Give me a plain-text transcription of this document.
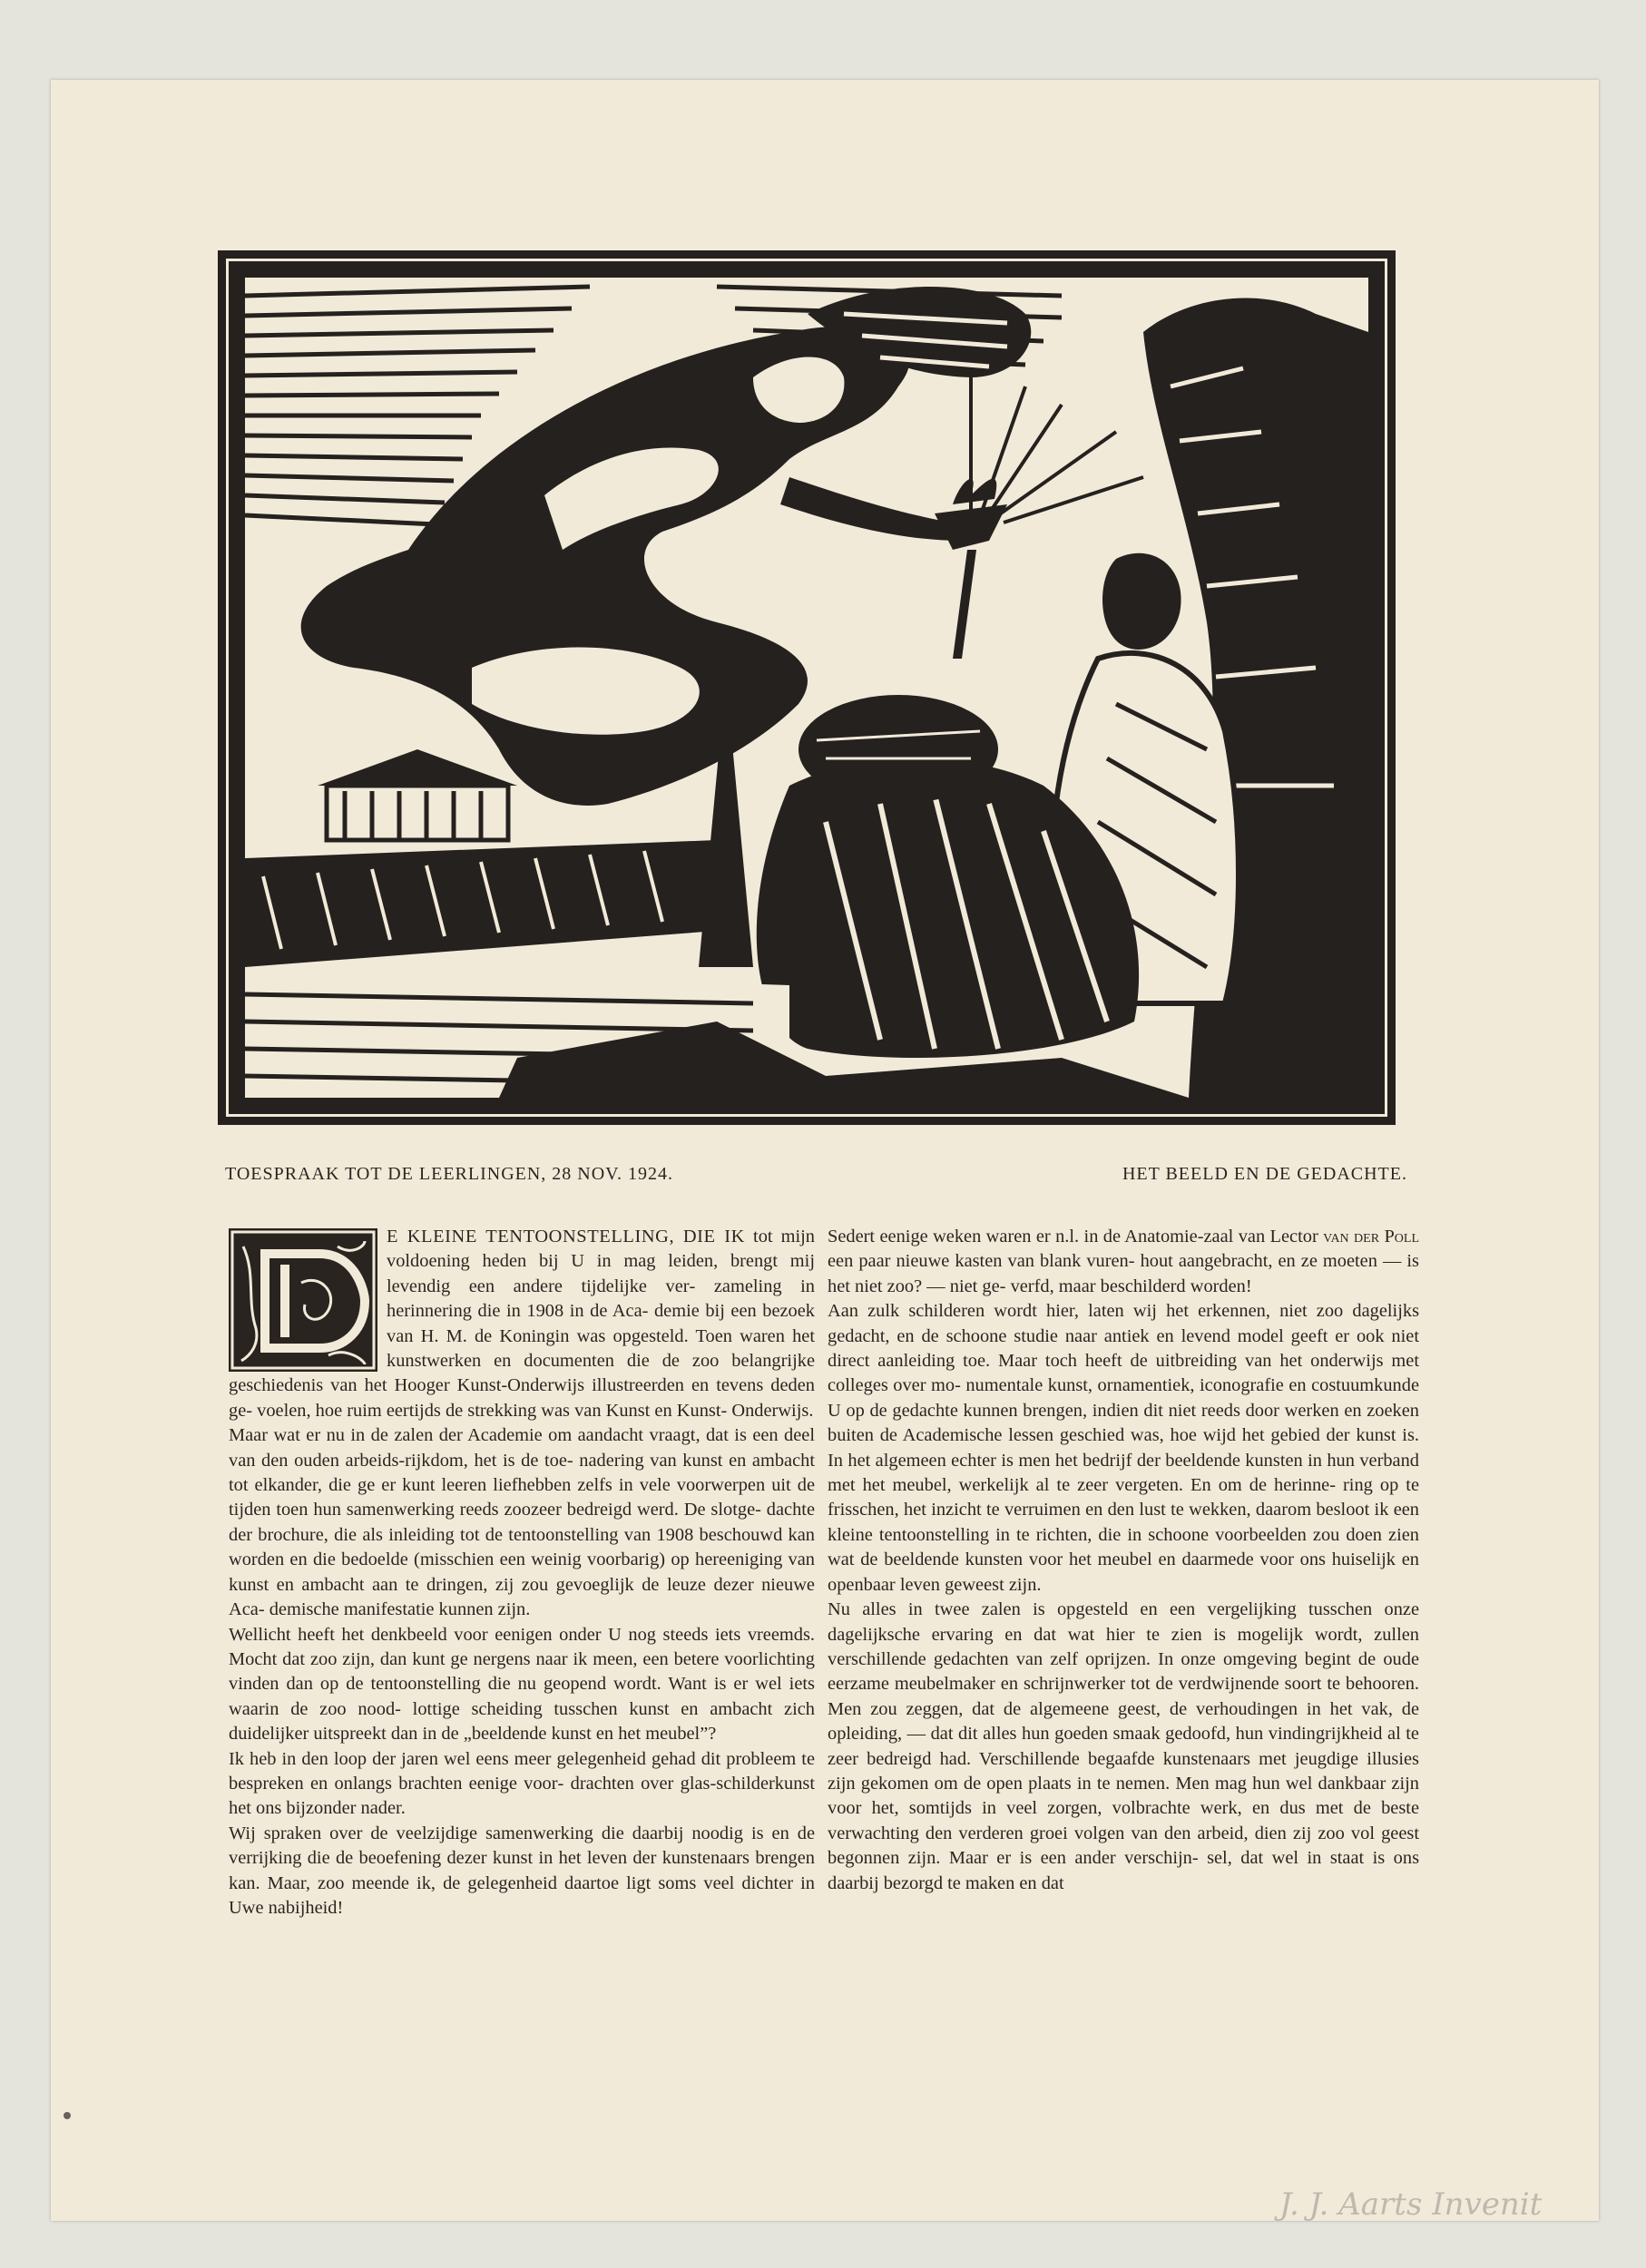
TOESPRAAK TOT DE LEERLINGEN, 28 NOV. 1924.	HET BEELD EN DE GEDACHTE.

E KLEINE TENTOONSTELLING, DIE IK tot mijn voldoening heden bij U in mag leiden, brengt mij levendig een andere tijdelijke ver‐ zameling in herinnering die in 1908 in de Aca‐ demie bij een bezoek van H. M. de Koningin was opgesteld. Toen waren het kunstwerken en documenten die de zoo belangrijke geschiedenis van het Hooger Kunst‐Onderwijs illustreerden en tevens deden ge‐ voelen, hoe ruim eertijds de strekking was van Kunst en Kunst‐ Onderwijs.

Maar wat er nu in de zalen der Academie om aandacht vraagt, dat is een deel van den ouden arbeids‐rijkdom, het is de toe‐ nadering van kunst en ambacht tot elkander, die ge er kunt leeren liefhebben zelfs in vele voorwerpen uit de tijden toen hun samenwerking reeds zoozeer bedreigd werd. De slotge‐ dachte der brochure, die als inleiding tot de tentoonstelling van 1908 beschouwd kan worden en die bedoelde (misschien een weinig voorbarig) op hereeniging van kunst en ambacht aan te dringen, zij zou gevoeglijk de leuze dezer nieuwe Aca‐ demische manifestatie kunnen zijn.

Wellicht heeft het denkbeeld voor eenigen onder U nog steeds iets vreemds. Mocht dat zoo zijn, dan kunt ge nergens naar ik meen, een betere voorlichting vinden dan op de tentoonstelling die nu geopend wordt. Want is er wel iets waarin de zoo nood‐ lottige scheiding tusschen kunst en ambacht zich duidelijker uitspreekt dan in de „beeldende kunst en het meubel”?

Ik heb in den loop der jaren wel eens meer gelegenheid gehad dit probleem te bespreken en onlangs brachten eenige voor‐ drachten over glas‐schilderkunst het ons bijzonder nader.

Wij spraken over de veelzijdige samenwerking die daarbij noodig is en de verrijking die de beoefening dezer kunst in het leven der kunstenaars brengen kan. Maar, zoo meende ik, de gelegenheid daartoe ligt soms veel dichter in Uwe nabijheid!

Sedert eenige weken waren er n.l. in de Anatomie‐zaal van Lector van der Poll een paar nieuwe kasten van blank vuren‐ hout aangebracht, en ze moeten — is het niet zoo? — niet ge‐ verfd, maar beschilderd worden!

Aan zulk schilderen wordt hier, laten wij het erkennen, niet zoo dagelijks gedacht, en de schoone studie naar antiek en levend model geeft er ook niet direct aanleiding toe. Maar toch heeft de uitbreiding van het onderwijs met colleges over mo‐ numentale kunst, ornamentiek, iconografie en costuumkunde U op de gedachte kunnen brengen, indien dit niet reeds door werken en zoeken buiten de Academische lessen geschied was, hoe wijd het gebied der kunst is. In het algemeen echter is men het bedrijf der beeldende kunsten in hun verband met het meubel, werkelijk al te zeer vergeten. En om de herinne‐ ring op te frisschen, het inzicht te verruimen en den lust te wekken, daarom besloot ik een kleine tentoonstelling in te richten, die in schoone voorbeelden zou doen zien wat de beeldende kunsten voor het meubel en daarmede voor ons huiselijk en openbaar leven geweest zijn.

Nu alles in twee zalen is opgesteld en een vergelijking tusschen onze dagelijksche ervaring en dat wat hier te zien is mogelijk wordt, zullen verschillende gedachten van zelf oprijzen. In onze omgeving begint de oude eerzame meubelmaker en schrijnwerker tot de verdwijnende soort te behooren. Men zou zeggen, dat de algemeene geest, de verhoudingen in het vak, de opleiding, — dat dit alles hun goeden smaak gedoofd, hun vindingrijkheid al te zeer bedreigd had. Verschillende begaafde kunstenaars met jeugdige illusies zijn gekomen om de open plaats in te nemen. Men mag hun wel dankbaar zijn voor het, somtijds in veel zorgen, volbrachte werk, en dus met de beste verwachting den verderen groei volgen van den arbeid, dien zij zoo vol geest begonnen zijn. Maar er is een ander verschijn‐ sel, dat wel in staat is ons daarbij bezorgd te maken en dat

J. J. Aarts Invenit
